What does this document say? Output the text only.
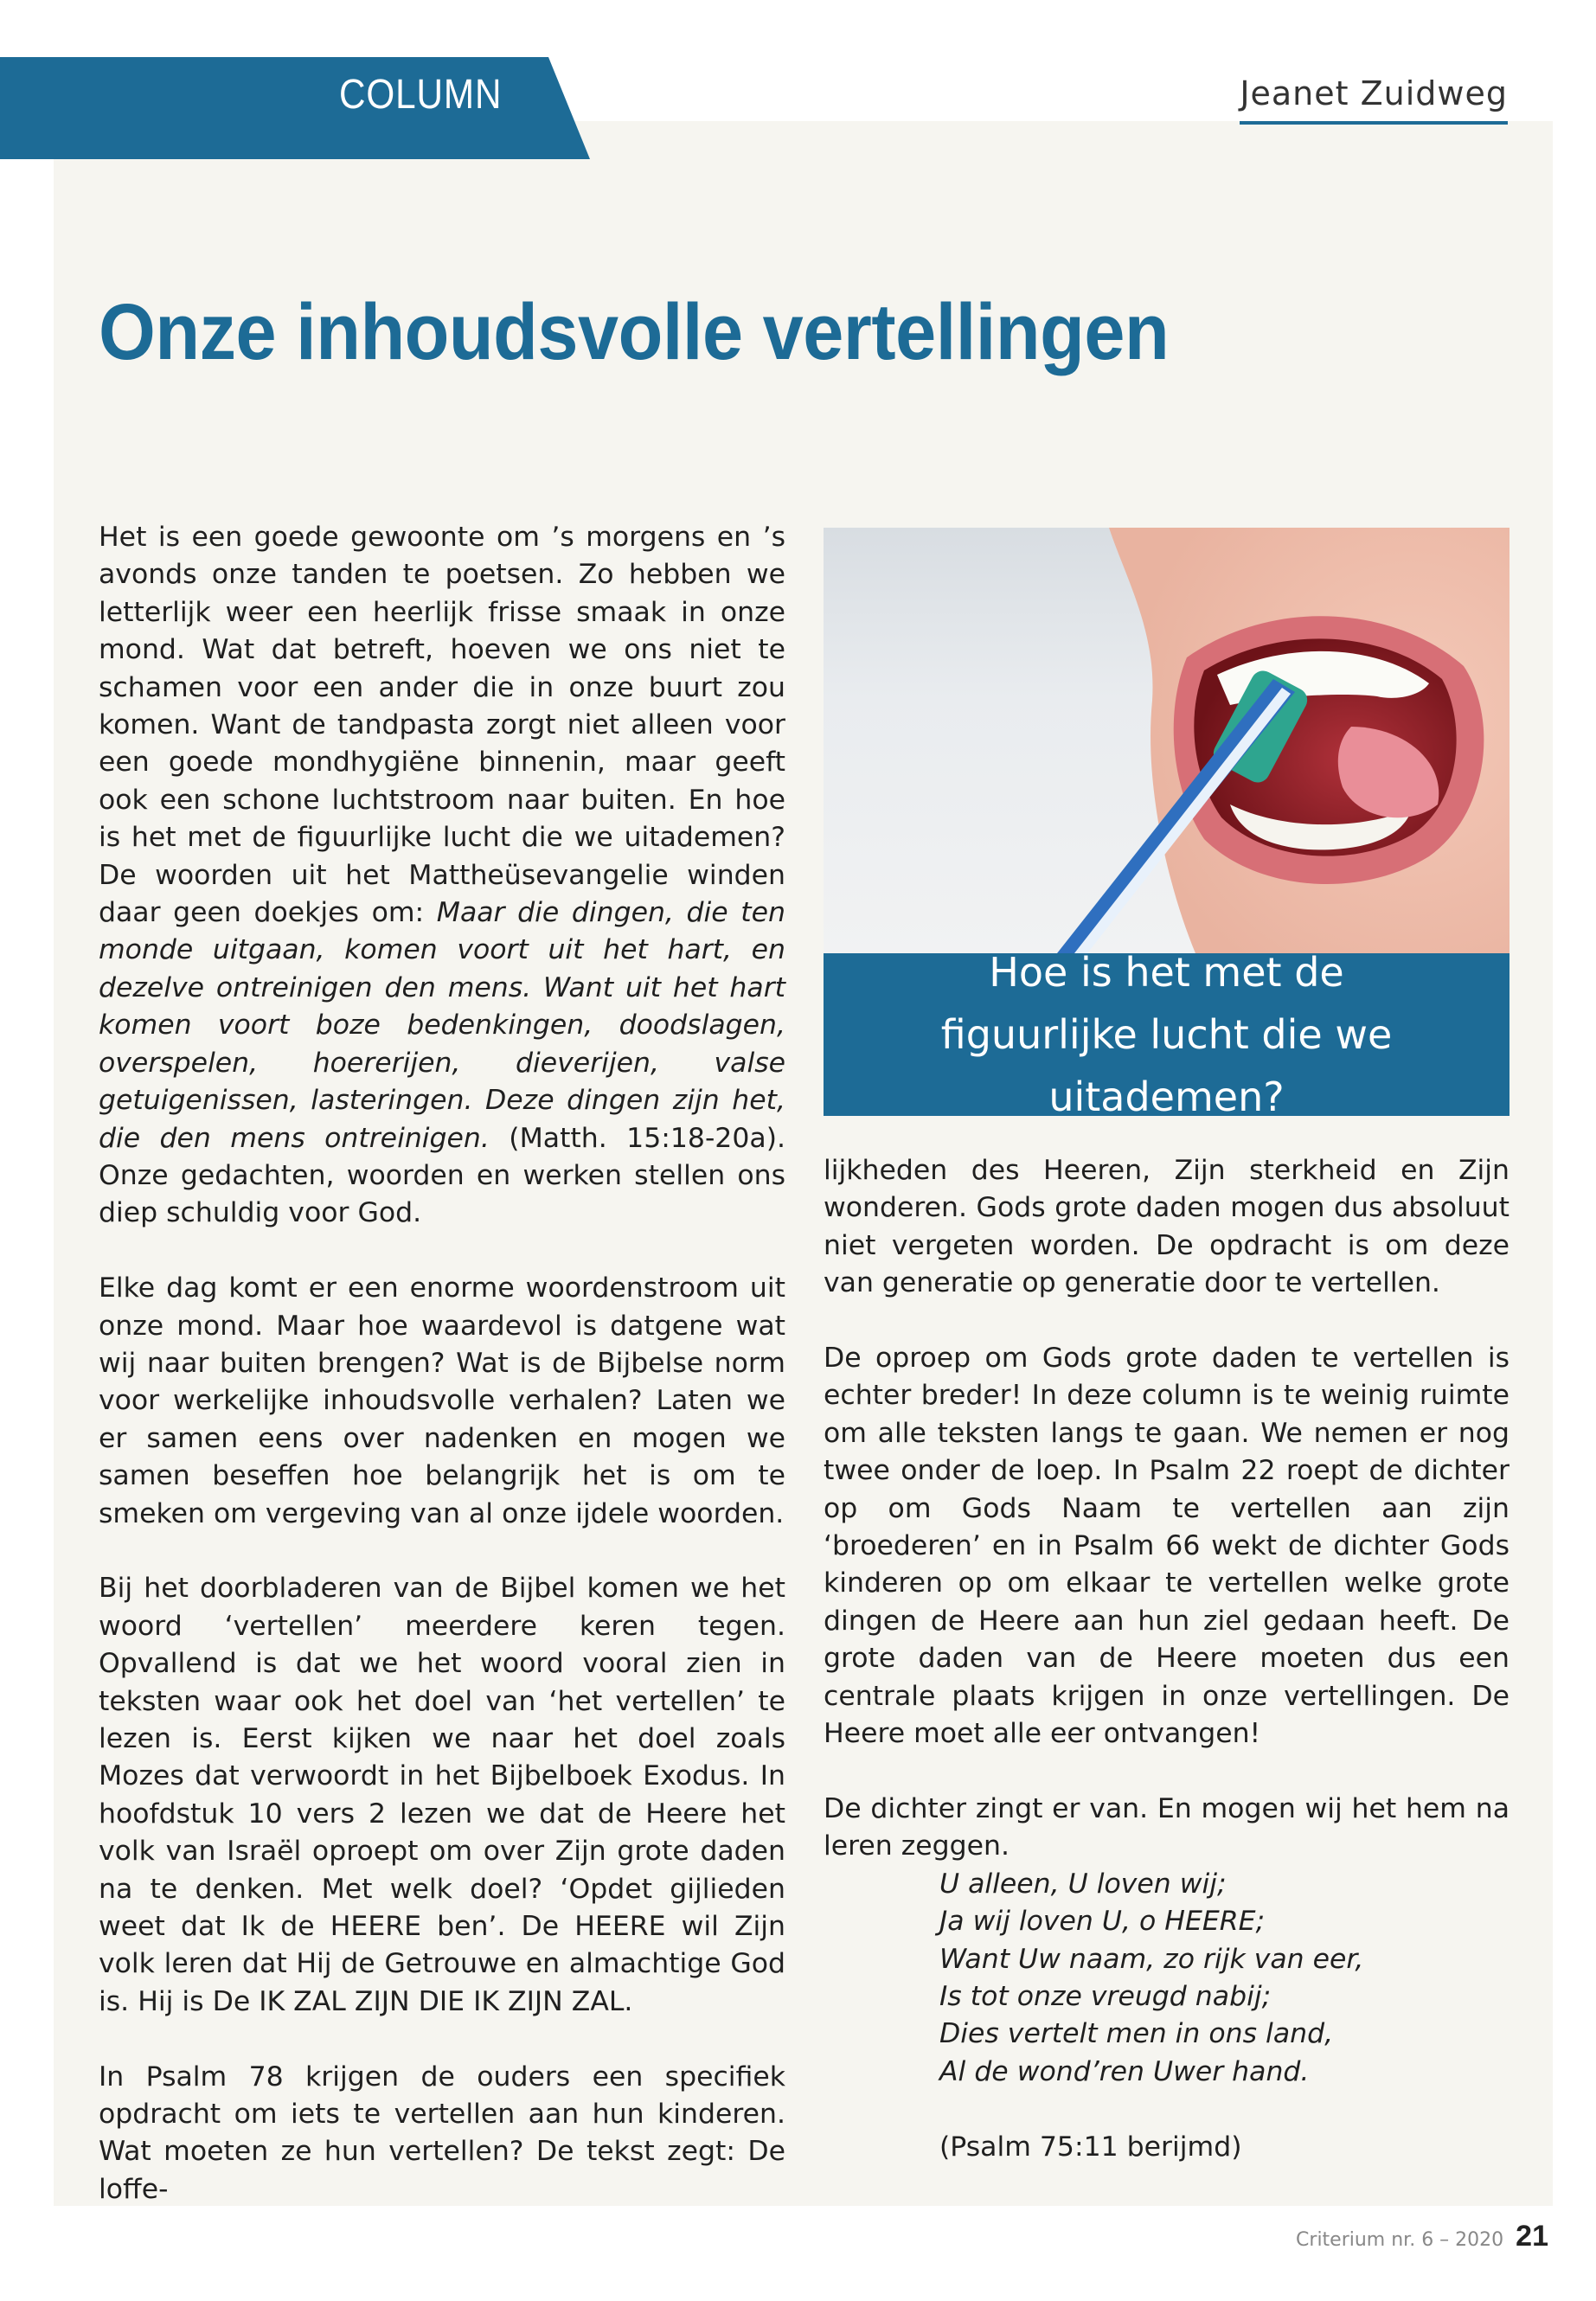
COLUMN	Jeanet Zuidweg
Onze inhoudsvolle vertellingen

Het is een goede gewoonte om ’s morgens en ’s avonds onze tanden te poetsen. Zo hebben we letterlijk weer een heerlijk frisse smaak in onze mond. Wat dat betreft, hoeven we ons niet te schamen voor een ander die in onze buurt zou komen. Want de tandpasta zorgt niet alleen voor een goede mondhygiëne binnenin, maar geeft ook een schone luchtstroom naar buiten. En hoe is het met de figuurlijke lucht die we uitademen? De woorden uit het Mattheüsevangelie winden daar geen doekjes om: Maar die dingen, die ten monde uitgaan, komen voort uit het hart, en dezelve ontreinigen den mens. Want uit het hart komen voort boze bedenkingen, doodslagen, overspelen, hoererijen, dieverijen, valse getuigenissen, lasteringen. Deze dingen zijn het, die den mens ontreinigen. (Matth. 15:18-20a). Onze gedachten, woorden en werken stellen ons diep schuldig voor God.

Elke dag komt er een enorme woordenstroom uit onze mond. Maar hoe waardevol is datgene wat wij naar buiten brengen? Wat is de Bijbelse norm voor werkelijke inhoudsvolle verhalen? Laten we er samen eens over nadenken en mogen we samen beseffen hoe belangrijk het is om te smeken om vergeving van al onze ijdele woorden.

Bij het doorbladeren van de Bijbel komen we het woord ‘vertellen’ meerdere keren tegen. Opvallend is dat we het woord vooral zien in teksten waar ook het doel van ‘het vertellen’ te lezen is. Eerst kijken we naar het doel zoals Mozes dat verwoordt in het Bijbelboek Exodus. In hoofdstuk 10 vers 2 lezen we dat de Heere het volk van Israël oproept om over Zijn grote daden na te denken. Met welk doel? ‘Opdet gijlieden weet dat Ik de HEERE ben’. De HEERE wil Zijn volk leren dat Hij de Getrouwe en almachtige God is. Hij is De IK ZAL ZIJN DIE IK ZIJN ZAL.

In Psalm 78 krijgen de ouders een specifiek opdracht om iets te vertellen aan hun kinderen. Wat moeten ze hun vertellen? De tekst zegt: De loffe-

Hoe is het met de figuurlijke lucht die we uitademen?

lijkheden des Heeren, Zijn sterkheid en Zijn wonderen. Gods grote daden mogen dus absoluut niet vergeten worden. De opdracht is om deze van generatie op generatie door te vertellen.

De oproep om Gods grote daden te vertellen is echter breder! In deze column is te weinig ruimte om alle teksten langs te gaan. We nemen er nog twee onder de loep. In Psalm 22 roept de dichter op om Gods Naam te vertellen aan zijn ‘broederen’ en in Psalm 66 wekt de dichter Gods kinderen op om elkaar te vertellen welke grote dingen de Heere aan hun ziel gedaan heeft. De grote daden van de Heere moeten dus een centrale plaats krijgen in onze vertellingen. De Heere moet alle eer ontvangen!

De dichter zingt er van. En mogen wij het hem na leren zeggen.

U alleen, U loven wij;
Ja wij loven U, o HEERE;
Want Uw naam, zo rijk van eer,
Is tot onze vreugd nabij;
Dies vertelt men in ons land,
Al de wond’ren Uwer hand.
(Psalm 75:11 berijmd)
Criterium nr. 6 – 2020 21
